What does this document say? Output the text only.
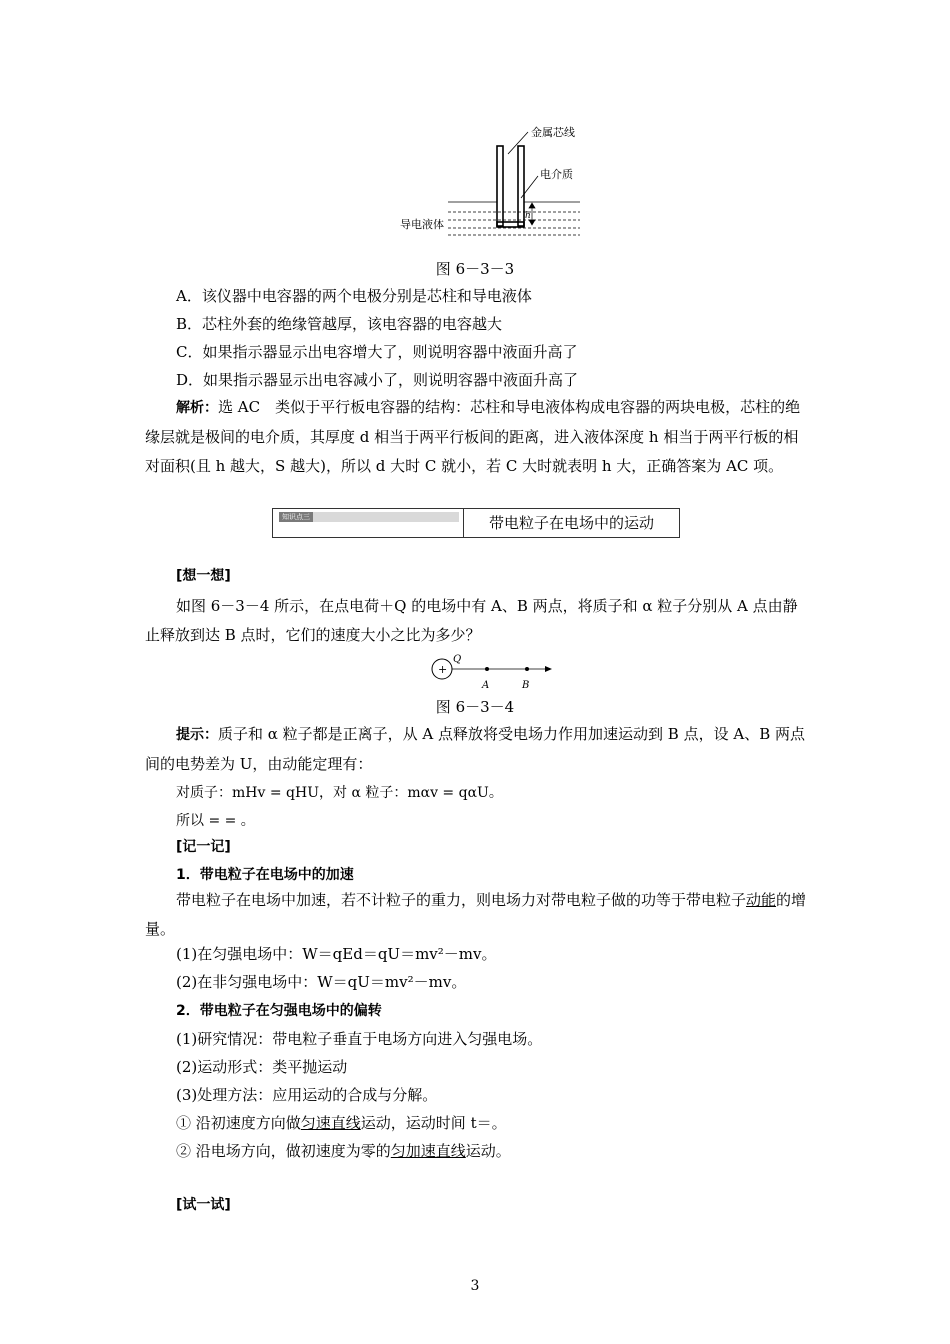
金属芯线
电介质
导电液体
h
图 6－3－3
A．该仪器中电容器的两个电极分别是芯柱和导电液体
B．芯柱外套的绝缘管越厚，该电容器的电容越大
C．如果指示器显示出电容增大了，则说明容器中液面升高了
D．如果指示器显示出电容减小了，则说明容器中液面升高了
解析：选 AC　类似于平行板电容器的结构：芯柱和导电液体构成电容器的两块电极，芯柱的绝缘层就是极间的电介质，其厚度 d 相当于两平行板间的距离，进入液体深度 h 相当于两平行板的相对面积(且 h 越大，S 越大)，所以 d 大时 C 就小，若 C 大时就表明 h 大，正确答案为 AC 项。
知识点三	带电粒子在电场中的运动
[想一想]
如图 6－3－4 所示，在点电荷＋Q 的电场中有 A、B 两点，将质子和 α 粒子分别从 A 点由静止释放到达 B 点时，它们的速度大小之比为多少？
+
Q
A	B
图 6－3－4
提示：质子和 α 粒子都是正离子，从 A 点释放将受电场力作用加速运动到 B 点，设 A、B 两点间的电势差为 U，由动能定理有：
对质子：mHv = qHU，对 α 粒子：mαv = qαU。
所以 = = 。
[记一记]
1．带电粒子在电场中的加速
带电粒子在电场中加速，若不计粒子的重力，则电场力对带电粒子做的功等于带电粒子动能的增量。
(1)在匀强电场中：W＝qEd＝qU＝mv²－mv。
(2)在非匀强电场中：W＝qU＝mv²－mv。
2．带电粒子在匀强电场中的偏转
(1)研究情况：带电粒子垂直于电场方向进入匀强电场。
(2)运动形式：类平抛运动
(3)处理方法：应用运动的合成与分解。
① 沿初速度方向做匀速直线运动，运动时间 t＝。
② 沿电场方向，做初速度为零的匀加速直线运动。
[试一试]
3
